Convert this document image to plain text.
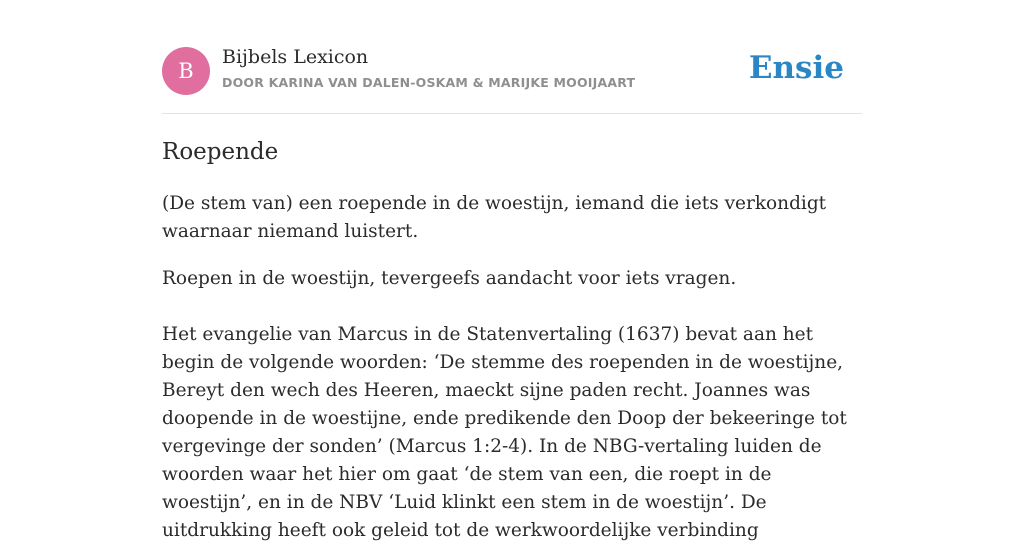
B
Bijbels Lexicon
DOOR KARINA VAN DALEN-OSKAM & MARIJKE MOOIJAART	Ensie
Roepende

(De stem van) een roepende in de woestijn, iemand die iets verkondigt waarnaar niemand luistert.

Roepen in de woestijn, tevergeefs aandacht voor iets vragen.

Het evangelie van Marcus in de Statenvertaling (1637) bevat aan het begin de volgende woorden: ‘De stemme des roependen in de woestijne, Bereyt den wech des Heeren, maeckt sijne paden recht. Joannes was doopende in de woestijne, ende predikende den Doop der bekeeringe tot vergevinge der sonden’ (Marcus 1:2-4). In de NBG-vertaling luiden de woorden waar het hier om gaat ‘de stem van een, die roept in de woestijn’, en in de NBV ‘Luid klinkt een stem in de woestijn’. De uitdrukking heeft ook geleid tot de werkwoordelijke verbinding
